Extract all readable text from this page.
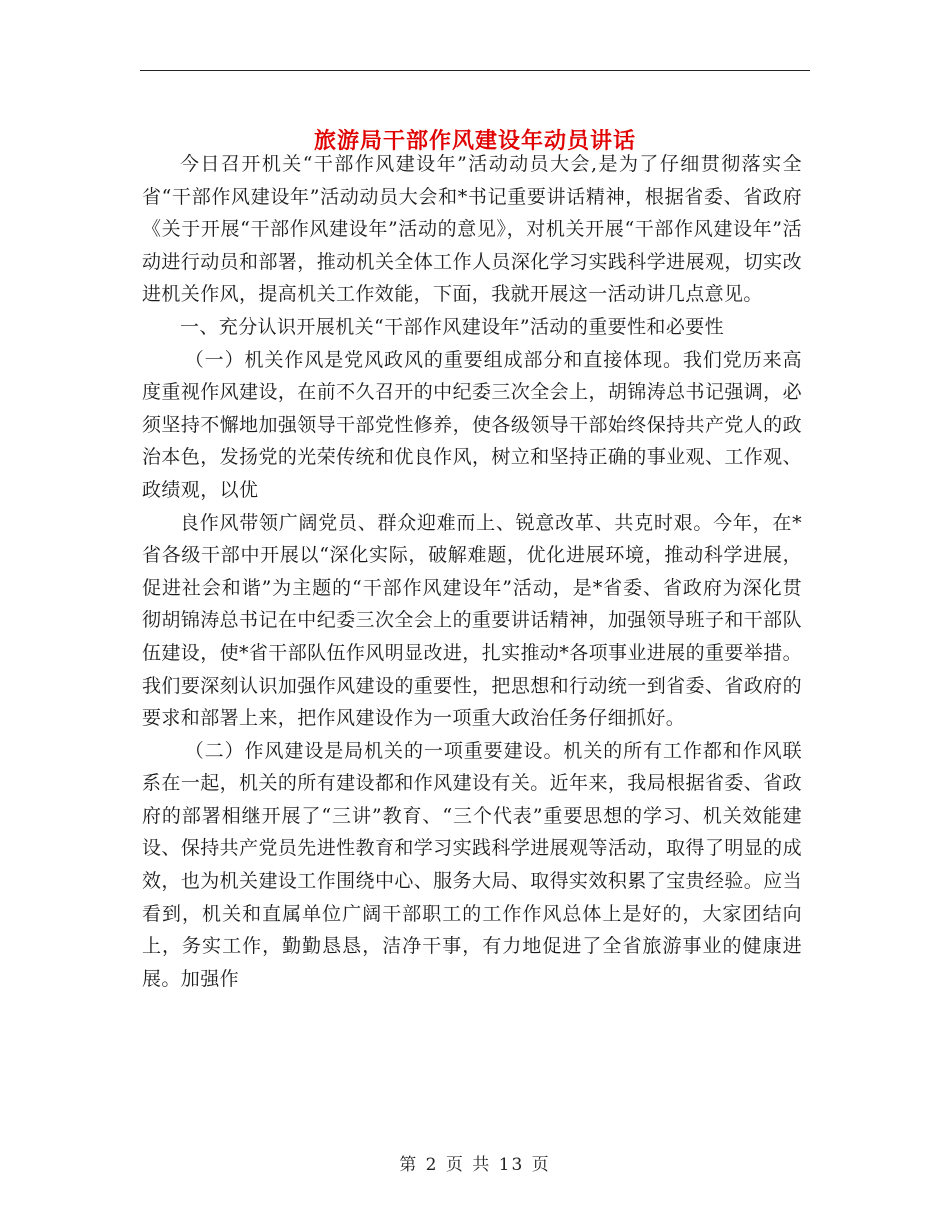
旅游局干部作风建设年动员讲话

今日召开机关“干部作风建设年”活动动员大会,是为了仔细贯彻落实全省“干部作风建设年”活动动员大会和*书记重要讲话精神，根据省委、省政府《关于开展“干部作风建设年”活动的意见》，对机关开展“干部作风建设年”活动进行动员和部署，推动机关全体工作人员深化学习实践科学进展观，切实改进机关作风，提高机关工作效能，下面，我就开展这一活动讲几点意见。

一、充分认识开展机关“干部作风建设年”活动的重要性和必要性

（一）机关作风是党风政风的重要组成部分和直接体现。我们党历来高度重视作风建设，在前不久召开的中纪委三次全会上，胡锦涛总书记强调，必须坚持不懈地加强领导干部党性修养，使各级领导干部始终保持共产党人的政治本色，发扬党的光荣传统和优良作风，树立和坚持正确的事业观、工作观、政绩观，以优

良作风带领广阔党员、群众迎难而上、锐意改革、共克时艰。今年，在*省各级干部中开展以“深化实际，破解难题，优化进展环境，推动科学进展，促进社会和谐”为主题的“干部作风建设年”活动，是*省委、省政府为深化贯彻胡锦涛总书记在中纪委三次全会上的重要讲话精神，加强领导班子和干部队伍建设，使*省干部队伍作风明显改进，扎实推动*各项事业进展的重要举措。我们要深刻认识加强作风建设的重要性，把思想和行动统一到省委、省政府的要求和部署上来，把作风建设作为一项重大政治任务仔细抓好。

（二）作风建设是局机关的一项重要建设。机关的所有工作都和作风联系在一起，机关的所有建设都和作风建设有关。近年来，我局根据省委、省政府的部署相继开展了“三讲”教育、“三个代表”重要思想的学习、机关效能建设、保持共产党员先进性教育和学习实践科学进展观等活动，取得了明显的成效，也为机关建设工作围绕中心、服务大局、取得实效积累了宝贵经验。应当看到，机关和直属单位广阔干部职工的工作作风总体上是好的，大家团结向上，务实工作，勤勤恳恳，洁净干事，有力地促进了全省旅游事业的健康进展。加强作

第 2 页 共 13 页
